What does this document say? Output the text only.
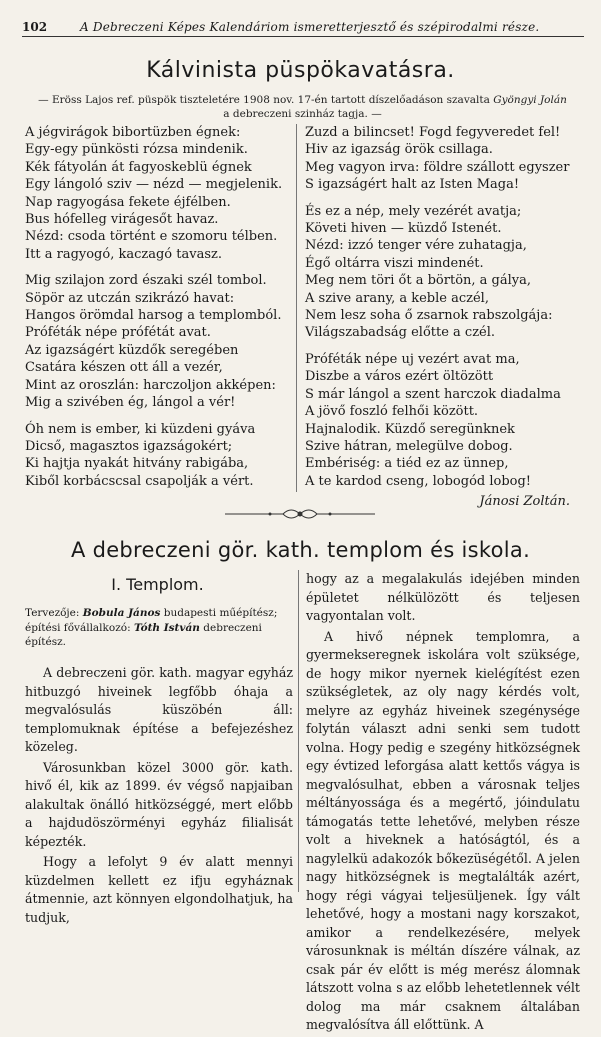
102	A Debreczeni Képes Kalendáriom ismeretterjesztő és szépirodalmi része.
Kálvinista püspökavatásra.
— Eröss Lajos ref. püspök tiszteletére 1908 nov. 17-én tartott díszelőadáson szavalta Gyöngyi Jolán
a debreczeni szinház tagja. —
A jégvirágok bibortüzben égnek:
Egy-egy pünkösti rózsa mindenik.
Kék fátyolán át fagyoskeblü égnek
Egy lángoló sziv — nézd — megjelenik.
Nap ragyogása fekete éjfélben.
Bus hófelleg virágesőt havaz.
Nézd: csoda történt e szomoru télben.
Itt a ragyogó, kaczagó tavasz.
Mig szilajon zord északi szél tombol.
Söpör az utczán szikrázó havat:
Hangos örömdal harsog a templomból.
Próféták népe prófétát avat.
Az igazságért küzdők seregében
Csatára készen ott áll a vezér,
Mint az oroszlán: harczoljon akképen:
Mig a szivében ég, lángol a vér!
Óh nem is ember, ki küzdeni gyáva
Dicső, magasztos igazságokért;
Ki hajtja nyakát hitvány rabigába,
Kiből korbácscsal csapolják a vért.
Zuzd a bilincset! Fogd fegyveredet fel!
Hiv az igazság örök csillaga.
Meg vagyon irva: földre szállott egyszer
S igazságért halt az Isten Maga!
És ez a nép, mely vezérét avatja;
Követi hiven — küzdő Istenét.
Nézd: izzó tenger vére zuhatagja,
Égő oltárra viszi mindenét.
Meg nem töri őt a börtön, a gálya,
A szive arany, a keble aczél,
Nem lesz soha ő zsarnok rabszolgája:
Világszabadság előtte a czél.
Próféták népe uj vezért avat ma,
Diszbe a város ezért öltözött
S már lángol a szent harczok diadalma
A jövő foszló felhői között.
Hajnalodik. Küzdő seregünknek
Szive hátran, melegülve dobog.
Embériség: a tiéd ez az ünnep,
A te kardod cseng, lobogód lobog!
Jánosi Zoltán.
A debreczeni gör. kath. templom és iskola.
I. Templom.
Tervezője: Bobula János budapesti műépítész; építési fővállalkozó: Tóth István debreczeni építész.

A debreczeni gör. kath. magyar egyház hitbuzgó hiveinek legfőbb óhaja a megvalósulás küszöbén áll: templomuknak építése a befejezéshez közeleg.

Városunkban közel 3000 gör. kath. hivő él, kik az 1899. év végső napjaiban alakultak önálló hitközséggé, mert előbb a hajdudöszörményi egyház filialisát képezték.

Hogy a lefolyt 9 év alatt mennyi küzdelmen kellett ez ifju egyháznak átmennie, azt könnyen elgondolhatjuk, ha tudjuk,

hogy az a megalakulás idejében minden épületet nélkülözött és teljesen vagyontalan volt.

A hivő népnek templomra, a gyermekseregnek iskolára volt szüksége, de hogy mikor nyernek kielégítést ezen szükségletek, az oly nagy kérdés volt, melyre az egyház hiveinek szegénysége folytán választ adni senki sem tudott volna. Hogy pedig e szegény hitközségnek egy évtized leforgása alatt kettős vágya is megvalósulhat, ebben a városnak teljes méltányossága és a megértő, jóindulatu támogatás tette lehetővé, melyben része volt a hiveknek a hatóságtól, és a nagylelkü adakozók bőkezüségétől. A jelen nagy hitközségnek is megtalálták azért, hogy régi vágyai teljesüljenek. Így vált lehetővé, hogy a mostani nagy korszakot, amikor a rendelkezésére, melyek városunknak is méltán díszére válnak, az csak pár év előtt is még merész álomnak látszott volna s az előbb lehetetlennek vélt dolog ma már csaknem általában megvalósítva áll előttünk. A
